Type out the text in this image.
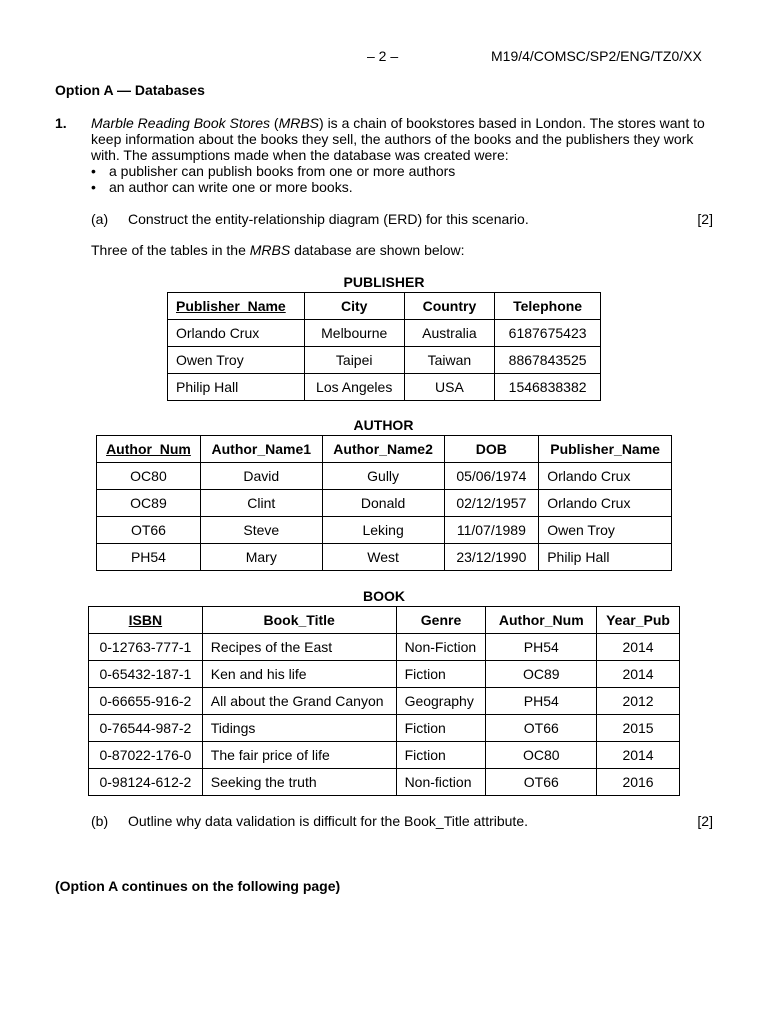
– 2 –	M19/4/COMSC/SP2/ENG/TZ0/XX
Option A — Databases
1. Marble Reading Book Stores (MRBS) is a chain of bookstores based in London. The stores want to keep information about the books they sell, the authors of the books and the publishers they work with. The assumptions made when the database was created were:

• a publisher can publish books from one or more authors
• an author can write one or more books.
(a) Construct the entity-relationship diagram (ERD) for this scenario.	[2]
Three of the tables in the MRBS database are shown below:
PUBLISHER
Publisher_Name	City	Country	Telephone
Orlando Crux	Melbourne	Australia	6187675423
Owen Troy	Taipei	Taiwan	8867843525
Philip Hall	Los Angeles	USA	1546838382
AUTHOR
Author_Num	Author_Name1	Author_Name2	DOB	Publisher_Name
OC80	David	Gully	05/06/1974	Orlando Crux
OC89	Clint	Donald	02/12/1957	Orlando Crux
OT66	Steve	Leking	11/07/1989	Owen Troy
PH54	Mary	West	23/12/1990	Philip Hall
BOOK
ISBN	Book_Title	Genre	Author_Num	Year_Pub
0-12763-777-1	Recipes of the East	Non-Fiction	PH54	2014
0-65432-187-1	Ken and his life	Fiction	OC89	2014
0-66655-916-2	All about the Grand Canyon	Geography	PH54	2012
0-76544-987-2	Tidings	Fiction	OT66	2015
0-87022-176-0	The fair price of life	Fiction	OC80	2014
0-98124-612-2	Seeking the truth	Non-fiction	OT66	2016
(b) Outline why data validation is difficult for the Book_Title attribute.	[2]
(Option A continues on the following page)
